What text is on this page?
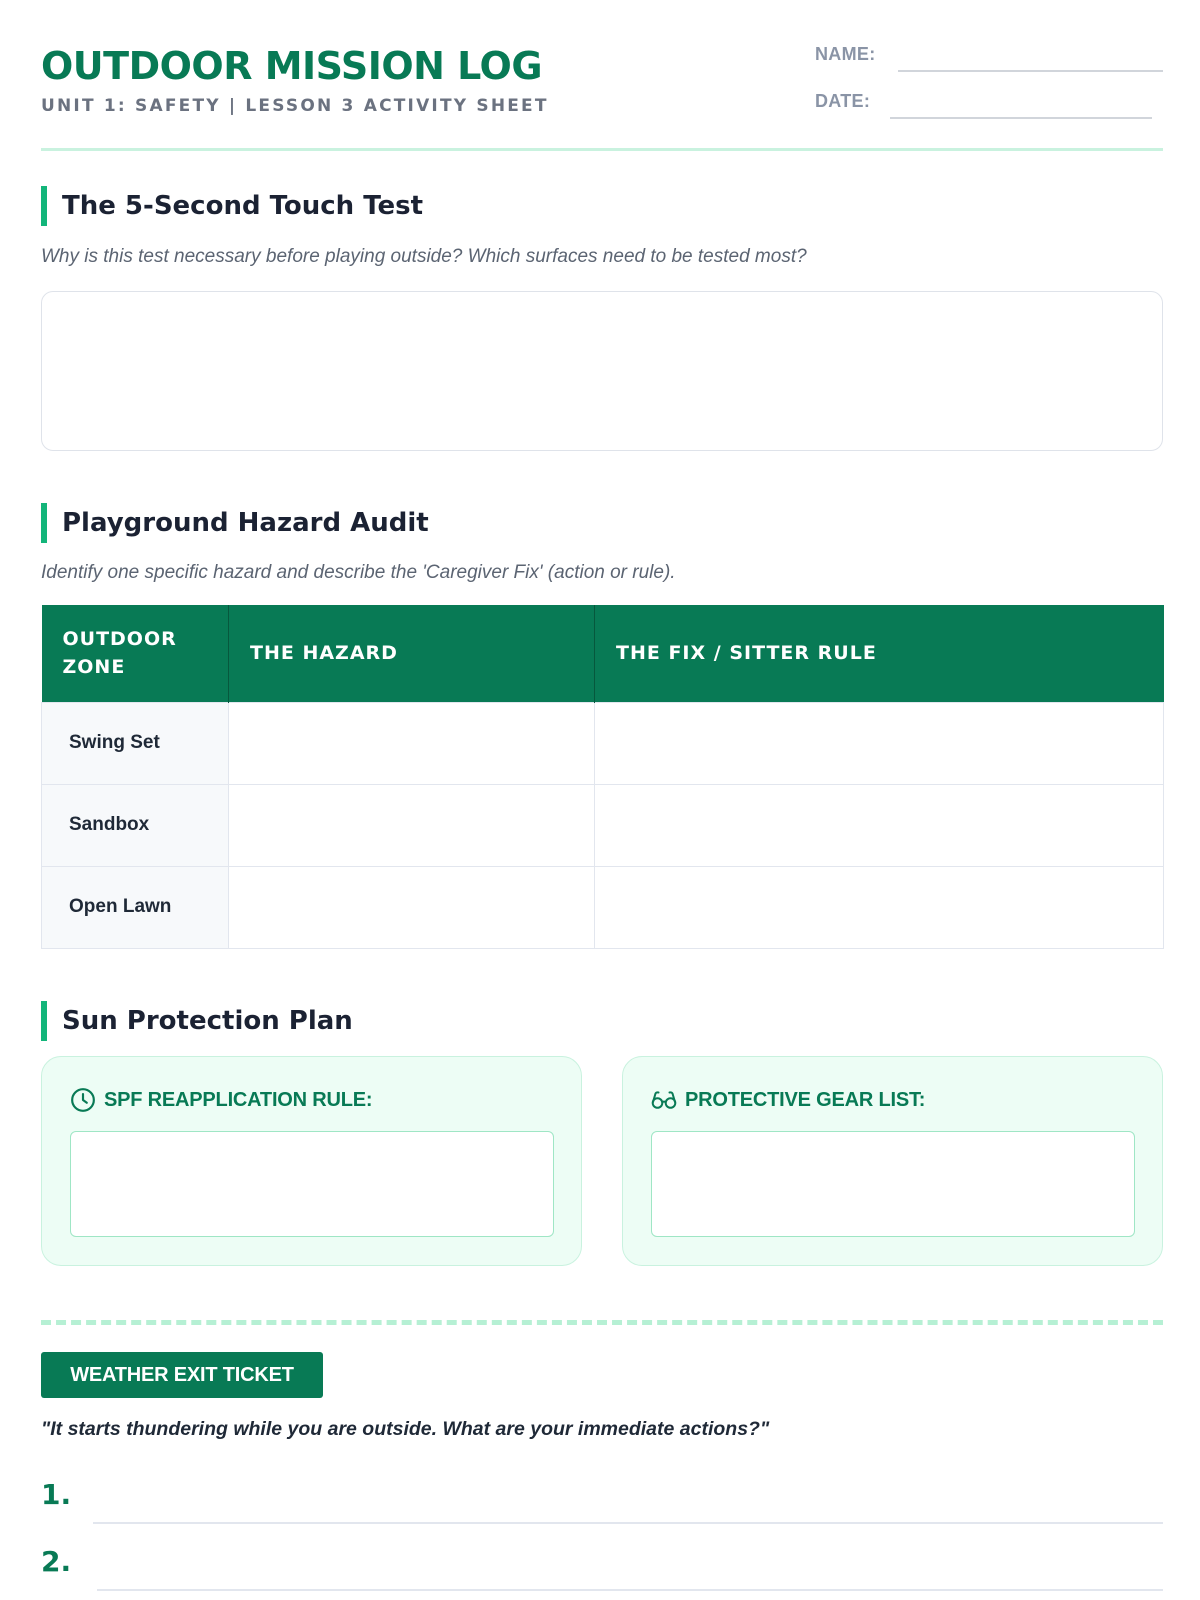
OUTDOOR MISSION LOG
UNIT 1: SAFETY | LESSON 3 ACTIVITY SHEET
NAME:
DATE:
The 5-Second Touch Test
Why is this test necessary before playing outside? Which surfaces need to be tested most?
Playground Hazard Audit
Identify one specific hazard and describe the 'Caregiver Fix' (action or rule).
OUTDOOR ZONE	THE HAZARD	THE FIX / SITTER RULE
Swing Set		
Sandbox		
Open Lawn		
Sun Protection Plan
SPF REAPPLICATION RULE:	PROTECTIVE GEAR LIST:
WEATHER EXIT TICKET
"It starts thundering while you are outside. What are your immediate actions?"
1.
2.
